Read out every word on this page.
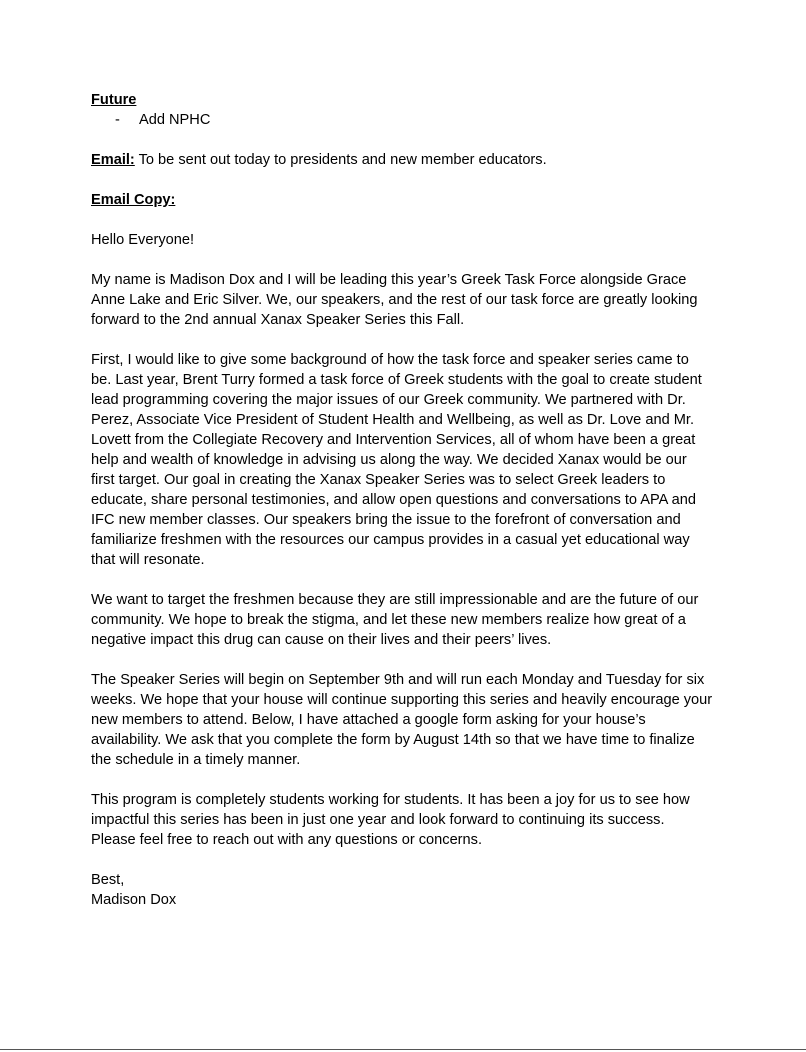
Future
- Add NPHC
Email: To be sent out today to presidents and new member educators.
Email Copy:
Hello Everyone!
My name is Madison Dox and I will be leading this year’s Greek Task Force alongside Grace
Anne Lake and Eric Silver. We, our speakers, and the rest of our task force are greatly looking
forward to the 2nd annual Xanax Speaker Series this Fall.
First, I would like to give some background of how the task force and speaker series came to
be. Last year, Brent Turry formed a task force of Greek students with the goal to create student
lead programming covering the major issues of our Greek community. We partnered with Dr.
Perez, Associate Vice President of Student Health and Wellbeing, as well as Dr. Love and Mr.
Lovett from the Collegiate Recovery and Intervention Services, all of whom have been a great
help and wealth of knowledge in advising us along the way. We decided Xanax would be our
first target. Our goal in creating the Xanax Speaker Series was to select Greek leaders to
educate, share personal testimonies, and allow open questions and conversations to APA and
IFC new member classes. Our speakers bring the issue to the forefront of conversation and
familiarize freshmen with the resources our campus provides in a casual yet educational way
that will resonate.
We want to target the freshmen because they are still impressionable and are the future of our
community. We hope to break the stigma, and let these new members realize how great of a
negative impact this drug can cause on their lives and their peers’ lives.
The Speaker Series will begin on September 9th and will run each Monday and Tuesday for six
weeks. We hope that your house will continue supporting this series and heavily encourage your
new members to attend. Below, I have attached a google form asking for your house’s
availability. We ask that you complete the form by August 14th so that we have time to finalize
the schedule in a timely manner.
This program is completely students working for students. It has been a joy for us to see how
impactful this series has been in just one year and look forward to continuing its success.
Please feel free to reach out with any questions or concerns.
Best,
Madison Dox
